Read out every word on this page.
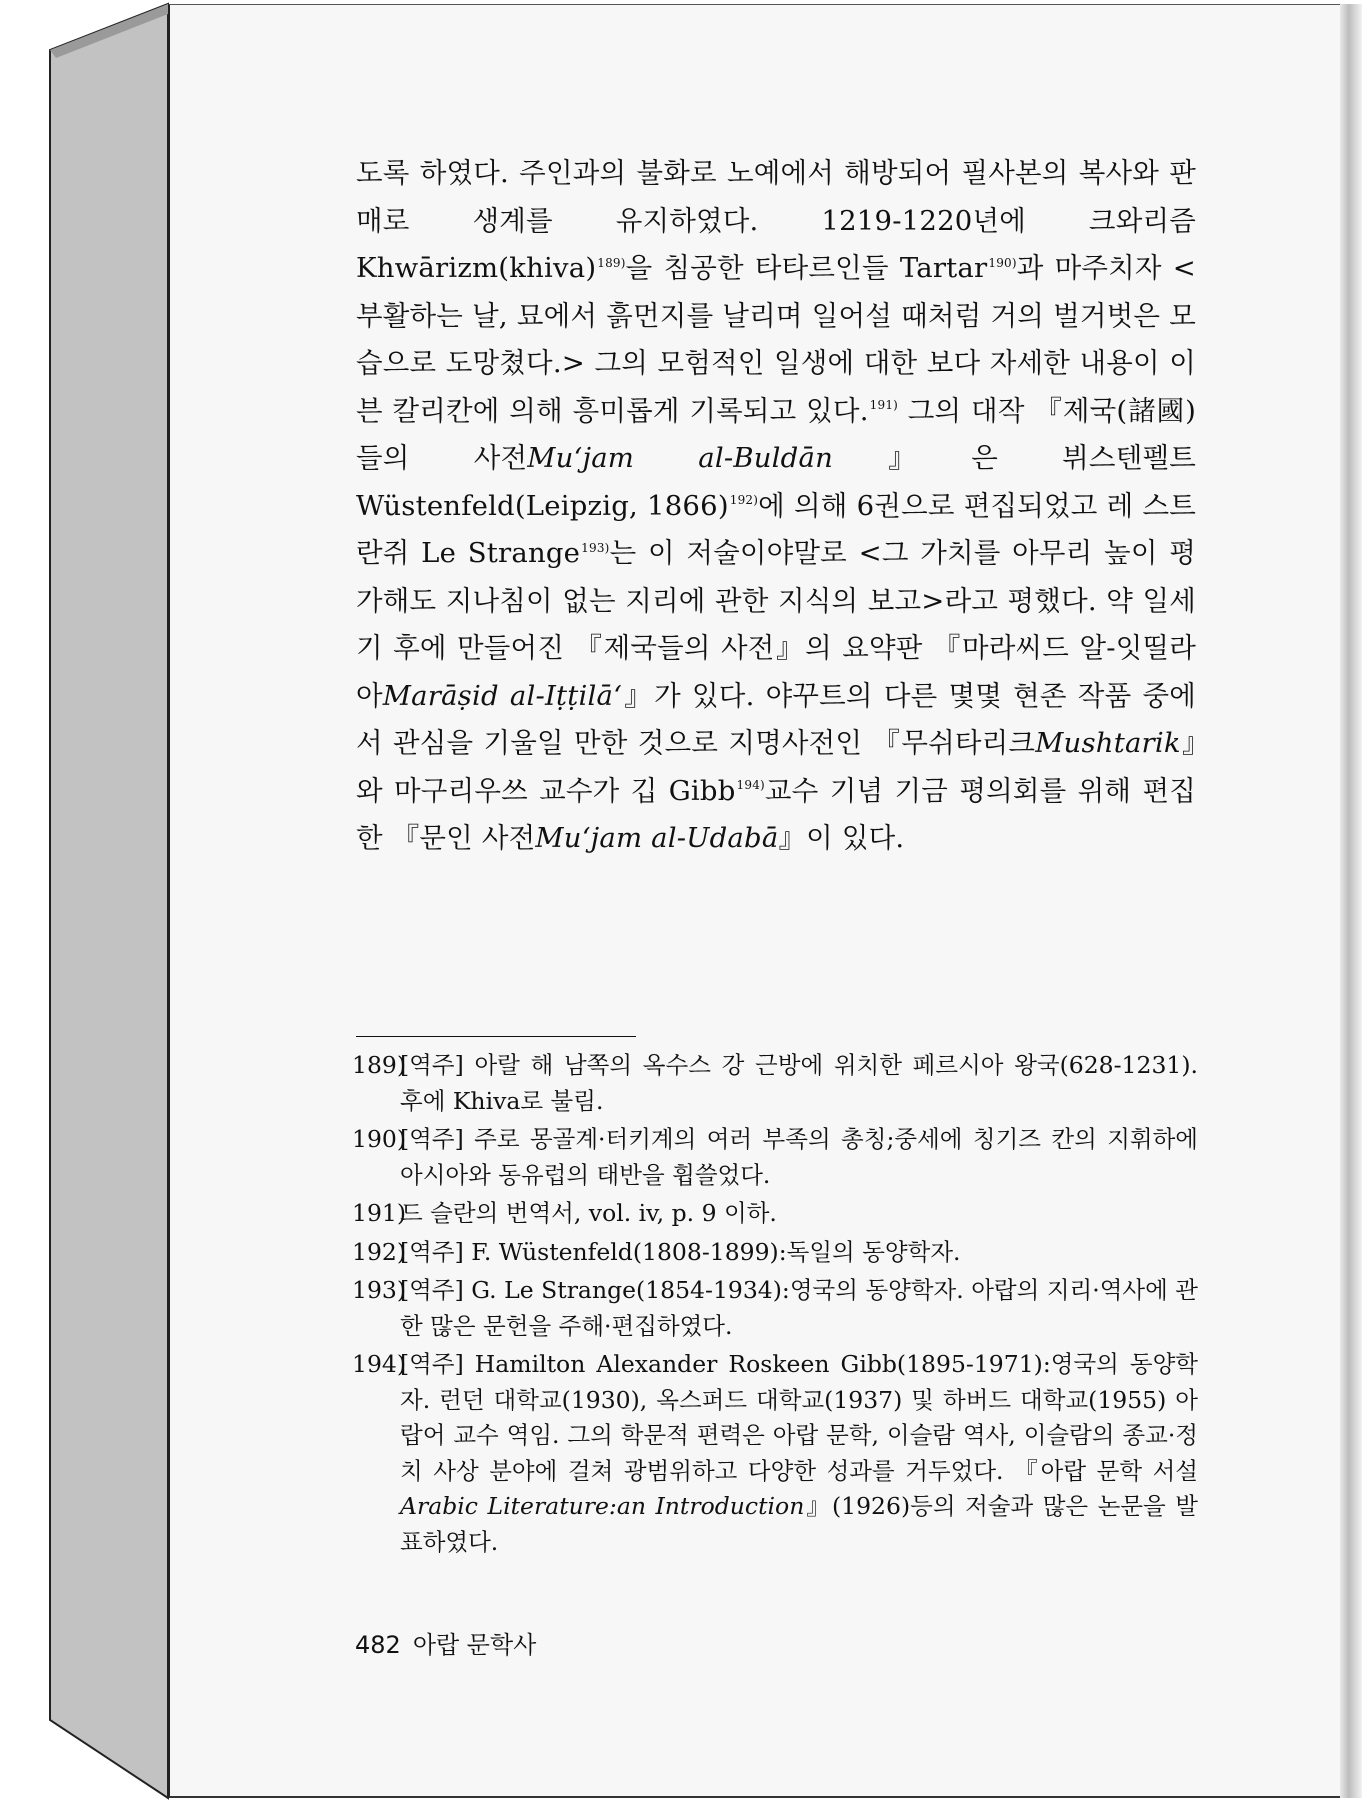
도록 하였다. 주인과의 불화로 노예에서 해방되어 필사본의 복사와 판매로 생계를 유지하였다. 1219-1220년에 크와리즘 Khwārizm(khiva)$^{189)}$을 침공한 타타르인들 Tartar$^{190)}$과 마주치자 <부활하는 날, 묘에서 흙먼지를 날리며 일어설 때처럼 거의 벌거벗은 모습으로 도망쳤다.> 그의 모험적인 일생에 대한 보다 자세한 내용이 이븐 칼리칸에 의해 흥미롭게 기록되고 있다.$^{191)}$ 그의 대작 『제국(諸國)들의 사전Mu‘jam al-Buldān』은 뷔스텐펠트 Wüstenfeld(Leipzig, 1866)$^{192)}$에 의해 6권으로 편집되었고 레 스트란쥐 Le Strange$^{193)}$는 이 저술이야말로 <그 가치를 아무리 높이 평가해도 지나침이 없는 지리에 관한 지식의 보고>라고 평했다. 약 일세기 후에 만들어진 『제국들의 사전』의 요약판 『마라씨드 알-잇띨라아Marāṣid al-Iṭṭilā‘』가 있다. 야꾸트의 다른 몇몇 현존 작품 중에서 관심을 기울일 만한 것으로 지명사전인 『무쉬타리크Mushtarik』와 마구리우쓰 교수가 깁 Gibb$^{194)}$교수 기념 기금 평의회를 위해 편집한 『문인 사전Mu‘jam al-Udabā』이 있다.

189)
[역주] 아랄 해 남쪽의 옥수스 강 근방에 위치한 페르시아 왕국(628-1231). 후에 Khiva로 불림.
190)
[역주] 주로 몽골계·터키계의 여러 부족의 총칭;중세에 칭기즈 칸의 지휘하에 아시아와 동유럽의 태반을 휩쓸었다.
191)
드 슬란의 번역서, vol. iv, p. 9 이하.
192)
[역주] F. Wüstenfeld(1808-1899):독일의 동양학자.
193)
[역주] G. Le Strange(1854-1934):영국의 동양학자. 아랍의 지리·역사에 관한 많은 문헌을 주해·편집하였다.
194)
[역주] Hamilton Alexander Roskeen Gibb(1895-1971):영국의 동양학자. 런던 대학교(1930), 옥스퍼드 대학교(1937) 및 하버드 대학교(1955) 아랍어 교수 역임. 그의 학문적 편력은 아랍 문학, 이슬람 역사, 이슬람의 종교·정치 사상 분야에 걸쳐 광범위하고 다양한 성과를 거두었다. 『아랍 문학 서설Arabic Literature:an Introduction』(1926)등의 저술과 많은 논문을 발표하였다.
482 아랍 문학사
